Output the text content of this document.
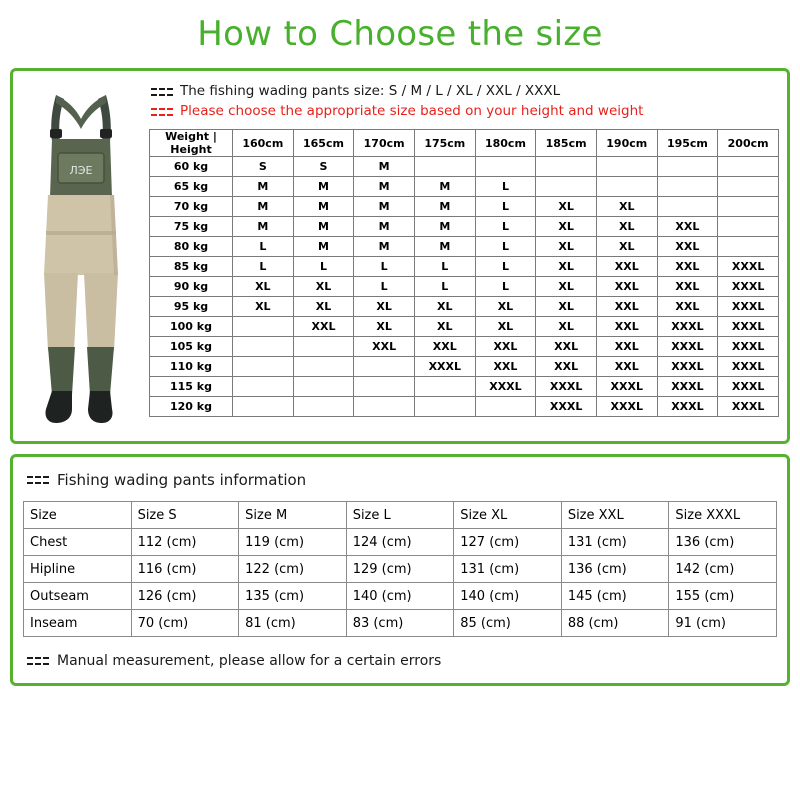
How to Choose the size
ЛЭЕ
The fishing wading pants size: S / M / L / XL / XXL / XXXL
Please choose the appropriate size based on your height and weight
Weight | Height	160cm	165cm	170cm	175cm	180cm	185cm	190cm	195cm	200cm
60 kg	S	S	M						
65 kg	M	M	M	M	L				
70 kg	M	M	M	M	L	XL	XL		
75 kg	M	M	M	M	L	XL	XL	XXL	
80 kg	L	M	M	M	L	XL	XL	XXL	
85 kg	L	L	L	L	L	XL	XXL	XXL	XXXL
90 kg	XL	XL	L	L	L	XL	XXL	XXL	XXXL
95 kg	XL	XL	XL	XL	XL	XL	XXL	XXL	XXXL
100 kg		XXL	XL	XL	XL	XL	XXL	XXXL	XXXL
105 kg			XXL	XXL	XXL	XXL	XXL	XXXL	XXXL
110 kg				XXXL	XXL	XXL	XXL	XXXL	XXXL
115 kg					XXXL	XXXL	XXXL	XXXL	XXXL
120 kg						XXXL	XXXL	XXXL	XXXL
Fishing wading pants information
Size	Size S	Size M	Size L	Size XL	Size XXL	Size XXXL
Chest	112 (cm)	119 (cm)	124 (cm)	127 (cm)	131 (cm)	136 (cm)
Hipline	116 (cm)	122 (cm)	129 (cm)	131 (cm)	136 (cm)	142 (cm)
Outseam	126 (cm)	135 (cm)	140 (cm)	140 (cm)	145 (cm)	155 (cm)
Inseam	70 (cm)	81 (cm)	83 (cm)	85 (cm)	88 (cm)	91 (cm)
Manual measurement, please allow for a certain errors
